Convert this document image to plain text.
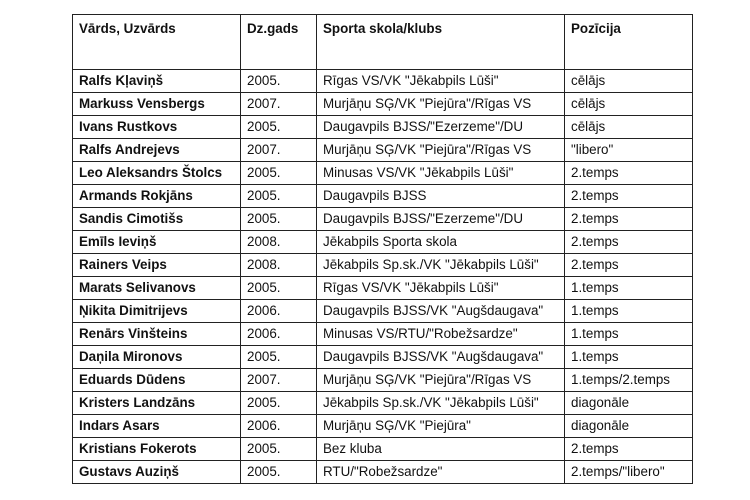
Vārds, Uzvārds	Dz.gads	Sporta skola/klubs	Pozīcija
Ralfs Kļaviņš	2005.	Rīgas VS/VK "Jēkabpils Lūši"	cēlājs
Markuss Vensbergs	2007.	Murjāņu SĢ/VK "Piejūra"/Rīgas VS	cēlājs
Ivans Rustkovs	2005.	Daugavpils BJSS/"Ezerzeme"/DU	cēlājs
Ralfs Andrejevs	2007.	Murjāņu SĢ/VK "Piejūra"/Rīgas VS	"libero"
Leo Aleksandrs Štolcs	2005.	Minusas VS/VK "Jēkabpils Lūši"	2.temps
Armands Rokjāns	2005.	Daugavpils BJSS	2.temps
Sandis Cimotišs	2005.	Daugavpils BJSS/"Ezerzeme"/DU	2.temps
Emīls Ieviņš	2008.	Jēkabpils Sporta skola	2.temps
Rainers Veips	2008.	Jēkabpils Sp.sk./VK "Jēkabpils Lūši"	2.temps
Marats Selivanovs	2005.	Rīgas VS/VK "Jēkabpils Lūši"	1.temps
Ņikita Dimitrijevs	2006.	Daugavpils BJSS/VK "Augšdaugava"	1.temps
Renārs Vinšteins	2006.	Minusas VS/RTU/"Robežsardze"	1.temps
Daņila Mironovs	2005.	Daugavpils BJSS/VK "Augšdaugava"	1.temps
Eduards Dūdens	2007.	Murjāņu SĢ/VK "Piejūra"/Rīgas VS	1.temps/2.temps
Kristers Landzāns	2005.	Jēkabpils Sp.sk./VK "Jēkabpils Lūši"	diagonāle
Indars Asars	2006.	Murjāņu SĢ/VK "Piejūra"	diagonāle
Kristians Fokerots	2005.	Bez kluba	2.temps
Gustavs Auziņš	2005.	RTU/"Robežsardze"	2.temps/"libero"
